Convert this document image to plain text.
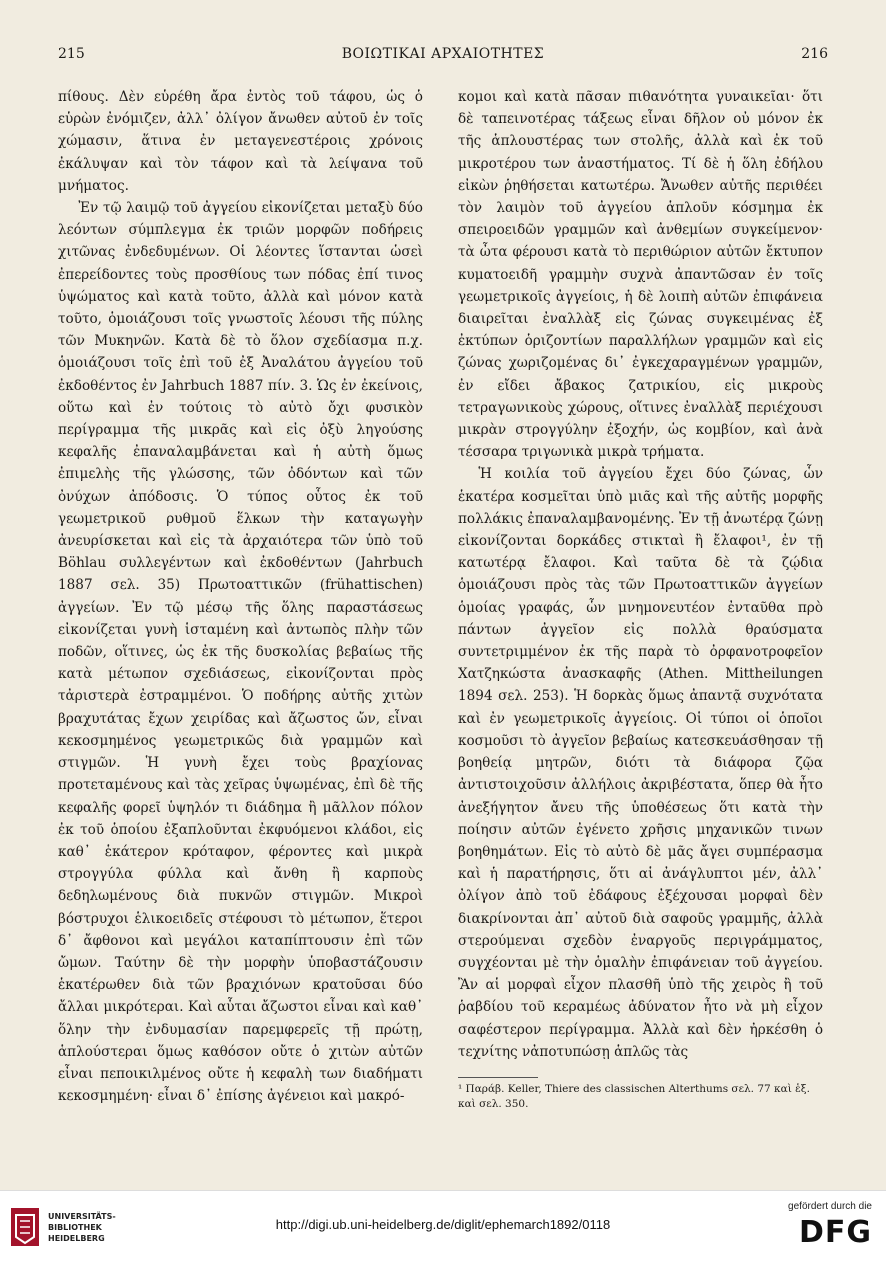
215	ΒΟΙΩΤΙΚΑΙ ΑΡΧΑΙΟΤΗΤΕΣ	216

πίθους. Δὲν εὑρέθη ἄρα ἐντὸς τοῦ τάφου, ὡς ὁ εὑρὼν ἐνόμιζεν, ἀλλ᾽ ὀλίγον ἄνωθεν αὐτοῦ ἐν τοῖς χώμασιν, ἅτινα ἐν μεταγενεστέροις χρόνοις ἐκάλυψαν καὶ τὸν τάφον καὶ τὰ λείψανα τοῦ μνήματος.

Ἐν τῷ λαιμῷ τοῦ ἀγγείου εἰκονίζεται μεταξὺ δύο λεόντων σύμπλεγμα ἐκ τριῶν μορφῶν ποδήρεις χιτῶνας ἐνδεδυμένων. Οἱ λέοντες ἵστανται ὡσεὶ ἐπερείδοντες τοὺς προσθίους των πόδας ἐπί τινος ὑψώματος καὶ κατὰ τοῦτο, ἀλλὰ καὶ μόνον κατὰ τοῦτο, ὁμοιάζουσι τοῖς γνωστοῖς λέουσι τῆς πύλης τῶν Μυκηνῶν. Κατὰ δὲ τὸ ὅλον σχεδίασμα π.χ. ὁμοιάζουσι τοῖς ἐπὶ τοῦ ἐξ Ἀναλάτου ἀγγείου τοῦ ἐκδοθέντος ἐν Jahrbuch 1887 πίν. 3. Ὡς ἐν ἐκείνοις, οὕτω καὶ ἐν τούτοις τὸ αὐτὸ ὄχι φυσικὸν περίγραμμα τῆς μικρᾶς καὶ εἰς ὀξὺ ληγούσης κεφαλῆς ἐπαναλαμβάνεται καὶ ἡ αὐτὴ ὅμως ἐπιμελὴς τῆς γλώσσης, τῶν ὀδόντων καὶ τῶν ὀνύχων ἀπόδοσις. Ὁ τύπος οὗτος ἐκ τοῦ γεωμετρικοῦ ρυθμοῦ ἕλκων τὴν καταγωγὴν ἀνευρίσκεται καὶ εἰς τὰ ἀρχαιότερα τῶν ὑπὸ τοῦ Böhlau συλλεγέντων καὶ ἐκδοθέντων (Jahrbuch 1887 σελ. 35) Πρωτοαττικῶν (frühattischen) ἀγγείων. Ἐν τῷ μέσῳ τῆς ὅλης παραστάσεως εἰκονίζεται γυνὴ ἱσταμένη καὶ ἀντωπὸς πλὴν τῶν ποδῶν, οἵτινες, ὡς ἐκ τῆς δυσκολίας βεβαίως τῆς κατὰ μέτωπον σχεδιάσεως, εἰκονίζονται πρὸς τἀριστερὰ ἐστραμμένοι. Ὁ ποδήρης αὐτῆς χιτὼν βραχυτάτας ἔχων χειρίδας καὶ ἄζωστος ὤν, εἶναι κεκοσμημένος γεωμετρικῶς διὰ γραμμῶν καὶ στιγμῶν. Ἡ γυνὴ ἔχει τοὺς βραχίονας προτεταμένους καὶ τὰς χεῖρας ὑψωμένας, ἐπὶ δὲ τῆς κεφαλῆς φορεῖ ὑψηλόν τι διάδημα ἢ μᾶλλον πόλον ἐκ τοῦ ὁποίου ἐξαπλοῦνται ἐκφυόμενοι κλάδοι, εἰς καθ᾽ ἑκάτερον κρόταφον, φέροντες καὶ μικρὰ στρογγύλα φύλλα καὶ ἄνθη ἢ καρποὺς δεδηλωμένους διὰ πυκνῶν στιγμῶν. Μικροὶ βόστρυχοι ἑλικοειδεῖς στέφουσι τὸ μέτωπον, ἕτεροι δ᾽ ἄφθονοι καὶ μεγάλοι καταπίπτουσιν ἐπὶ τῶν ὤμων. Ταύτην δὲ τὴν μορφὴν ὑποβαστάζουσιν ἑκατέρωθεν διὰ τῶν βραχιόνων κρατοῦσαι δύο ἄλλαι μικρότεραι. Καὶ αὗται ἄζωστοι εἶναι καὶ καθ᾽ ὅλην τὴν ἐνδυμασίαν παρεμφερεῖς τῇ πρώτῃ, ἁπλούστεραι ὅμως καθόσον οὔτε ὁ χιτὼν αὐτῶν εἶναι πεποικιλμένος οὔτε ἡ κεφαλὴ των διαδήματι κεκοσμημένη· εἶναι δ᾽ ἐπίσης ἀγένειοι καὶ μακρό-

κομοι καὶ κατὰ πᾶσαν πιθανότητα γυναικεῖαι· ὅτι δὲ ταπεινοτέρας τάξεως εἶναι δῆλον οὐ μόνον ἐκ τῆς ἁπλουστέρας των στολῆς, ἀλλὰ καὶ ἐκ τοῦ μικροτέρου των ἀναστήματος. Τί δὲ ἡ ὅλη ἐδήλου εἰκὼν ῥηθήσεται κατωτέρω. Ἄνωθεν αὐτῆς περιθέει τὸν λαιμὸν τοῦ ἀγγείου ἁπλοῦν κόσμημα ἐκ σπειροειδῶν γραμμῶν καὶ ἀνθεμίων συγκείμενον· τὰ ὦτα φέρουσι κατὰ τὸ περιθώριον αὐτῶν ἔκτυπον κυματοειδῆ γραμμὴν συχνὰ ἀπαντῶσαν ἐν τοῖς γεωμετρικοῖς ἀγγείοις, ἡ δὲ λοιπὴ αὐτῶν ἐπιφάνεια διαιρεῖται ἐναλλὰξ εἰς ζώνας συγκειμένας ἐξ ἐκτύπων ὁριζοντίων παραλλήλων γραμμῶν καὶ εἰς ζώνας χωριζομένας δι᾽ ἐγκεχαραγμένων γραμμῶν, ἐν εἴδει ἄβακος ζατρικίου, εἰς μικροὺς τετραγωνικοὺς χώρους, οἵτινες ἐναλλὰξ περιέχουσι μικρὰν στρογγύλην ἐξοχήν, ὡς κομβίον, καὶ ἀνὰ τέσσαρα τριγωνικὰ μικρὰ τρήματα.

Ἡ κοιλία τοῦ ἀγγείου ἔχει δύο ζώνας, ὧν ἑκατέρα κοσμεῖται ὑπὸ μιᾶς καὶ τῆς αὐτῆς μορφῆς πολλάκις ἐπαναλαμβανομένης. Ἐν τῇ ἀνωτέρᾳ ζώνῃ εἰκονίζονται δορκάδες στικταὶ ἢ ἔλαφοι¹, ἐν τῇ κατωτέρᾳ ἔλαφοι. Καὶ ταῦτα δὲ τὰ ζῴδια ὁμοιάζουσι πρὸς τὰς τῶν Πρωτοαττικῶν ἀγγείων ὁμοίας γραφάς, ὧν μνημονευτέον ἐνταῦθα πρὸ πάντων ἀγγεῖον εἰς πολλὰ θραύσματα συντετριμμένον ἐκ τῆς παρὰ τὸ ὀρφανοτροφεῖον Χατζηκώστα ἀνασκαφῆς (Athen. Mittheilungen 1894 σελ. 253). Ἡ δορκὰς ὅμως ἀπαντᾷ συχνότατα καὶ ἐν γεωμετρικοῖς ἀγγείοις. Οἱ τύποι οἱ ὁποῖοι κοσμοῦσι τὸ ἀγγεῖον βεβαίως κατεσκευάσθησαν τῇ βοηθείᾳ μητρῶν, διότι τὰ διάφορα ζῷα ἀντιστοιχοῦσιν ἀλλήλοις ἀκριβέστατα, ὅπερ θὰ ἦτο ἀνεξήγητον ἄνευ τῆς ὑποθέσεως ὅτι κατὰ τὴν ποίησιν αὐτῶν ἐγένετο χρῆσις μηχανικῶν τινων βοηθημάτων. Εἰς τὸ αὐτὸ δὲ μᾶς ἄγει συμπέρασμα καὶ ἡ παρατήρησις, ὅτι αἱ ἀνάγλυπτοι μέν, ἀλλ᾽ ὀλίγον ἀπὸ τοῦ ἐδάφους ἐξέχουσαι μορφαὶ δὲν διακρίνονται ἀπ᾽ αὐτοῦ διὰ σαφοῦς γραμμῆς, ἀλλὰ στερούμεναι σχεδὸν ἐναργοῦς περιγράμματος, συγχέονται μὲ τὴν ὁμαλὴν ἐπιφάνειαν τοῦ ἀγγείου. Ἂν αἱ μορφαὶ εἶχον πλασθῆ ὑπὸ τῆς χειρὸς ἢ τοῦ ῥαβδίου τοῦ κεραμέως ἀδύνατον ἦτο νὰ μὴ εἶχον σαφέστερον περίγραμμα. Ἀλλὰ καὶ δὲν ἠρκέσθη ὁ τεχνίτης νἀποτυπώσῃ ἁπλῶς τὰς

¹ Παράβ. Keller, Thiere des classischen Alterthums σελ. 77 καὶ ἑξ. καὶ σελ. 350.
UNIVERSITÄTS-
BIBLIOTHEK
HEIDELBERG
http://digi.ub.uni-heidelberg.de/diglit/ephemarch1892/0118
gefördert durch die
DFG
